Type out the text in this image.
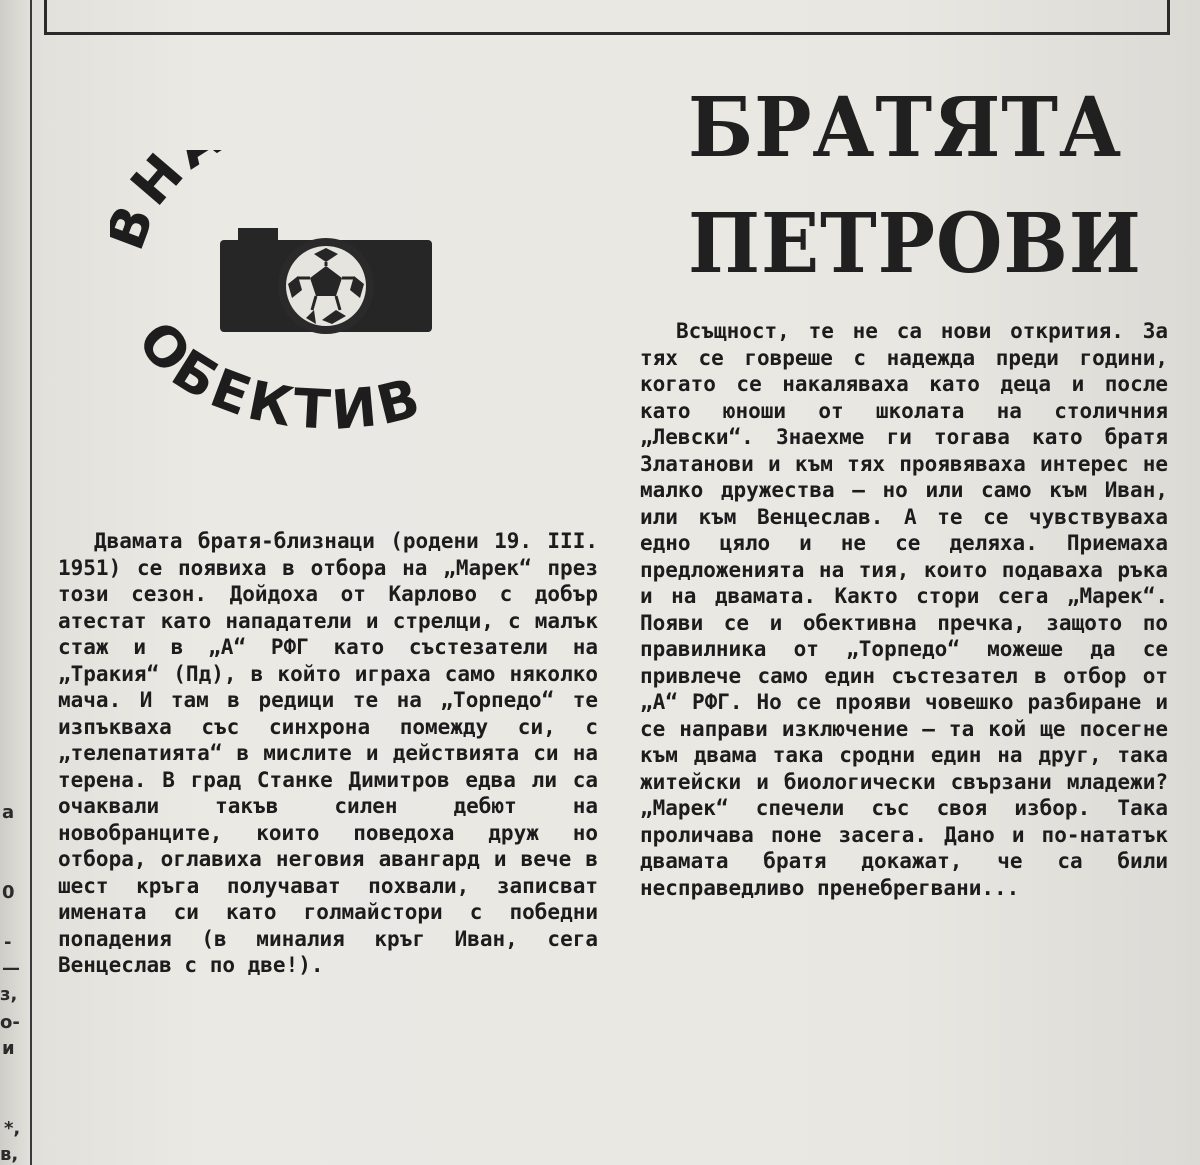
а
0
-
—
з,
о-
и
*,
в,
Н
ОБЕКТИВ
БРАТЯТА
ПЕТРОВИ

Двамата братя-близнаци (родени 19. III. 1951) се появиха в отбора на „Марек“ през този сезон. Дойдоха от Карлово с добър атестат като нападатели и стрелци, с малък стаж и в „А“ РФГ като състезатели на „Тракия“ (Пд), в който играха само няколко мача. И там в редици те на „Торпедо“ те изпъкваха със синхрона помежду си, с „телепатията“ в мислите и действията си на терена. В град Станке Димитров едва ли са очаквали такъв силен дебют на новобранците, които поведоха друж но отбора, оглавиха неговия авангард и вече в шест кръга получават похвали, записват имената си като голмайстори с победни попадения (в миналия кръг Иван, сега Венцеслав с по две!).

Всъщност, те не са нови открития. За тях се говреше с надежда преди години, когато се накаляваха като деца и после като юноши от школата на столичния „Левски“. Знаехме ги тогава като братя Златанови и към тях проявяваха интерес не малко дружества — но или само към Иван, или към Венцеслав. А те се чувствуваха едно цяло и не се деляха. Приемаха предложенията на тия, които подаваха ръка и на двамата. Както стори сега „Марек“. Появи се и обективна пречка, защото по правилника от „Торпедо“ можеше да се привлече само един състезател в отбор от „А“ РФГ. Но се прояви човешко разбиране и се направи изключение — та кой ще посегне към двама така сродни един на друг, така житейски и биологически свързани младежи? „Марек“ спечели със своя избор. Така проличава поне засега. Дано и по-нататък двамата братя докажат, че са били несправедливо пренебрегвани...
